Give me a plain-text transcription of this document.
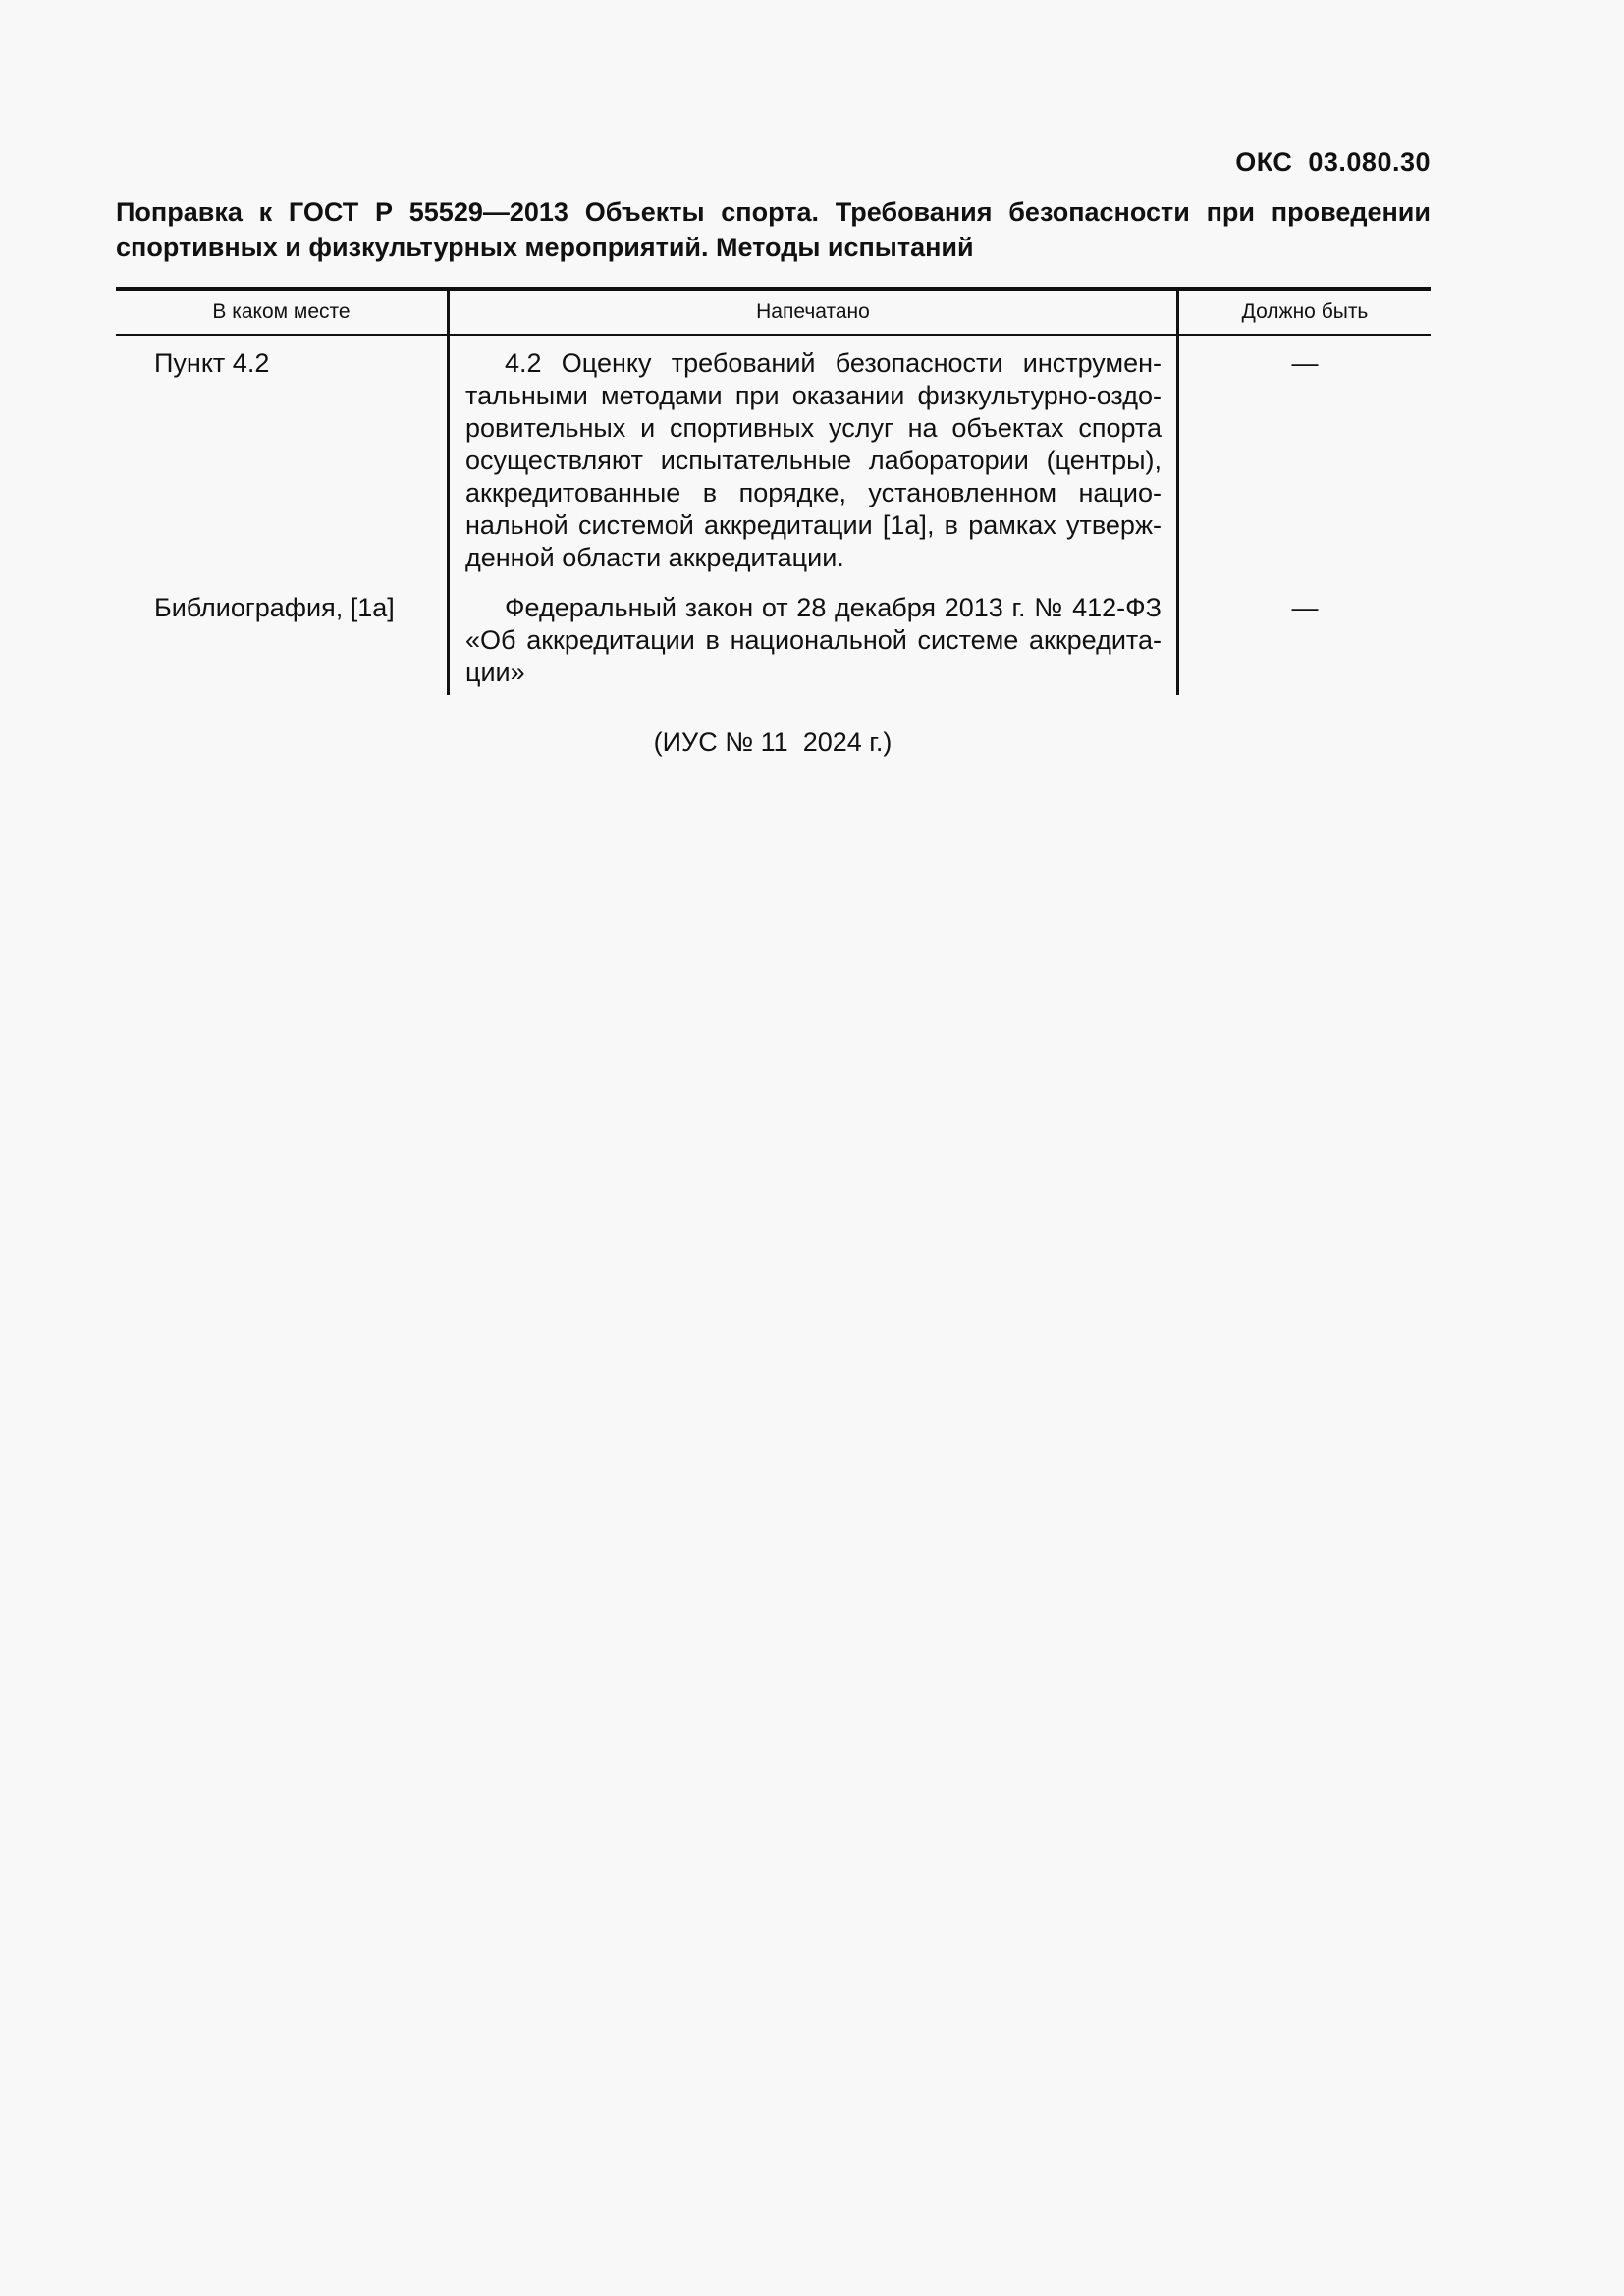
ОКС  03.080.30

Поправка к ГОСТ Р 55529—2013 Объекты спорта. Требования безопасности при проведении спортивных и физкультурных мероприятий. Методы испытаний

В каком месте	Напечатано	Должно быть
Пункт 4.2	4.2 Оценку требований безопасности инструментальными методами при оказании физкультурно-оздоровительных и спортивных услуг на объектах спорта осуществляют испытательные лаборатории (центры), аккредитованные в порядке, установленном национальной системой аккредитации [1а], в рамках утвержденной области аккредитации.	—
Библиография, [1а]	Федеральный закон от 28 декабря 2013 г. № 412-ФЗ «Об аккредитации в национальной системе аккредитации»	—

(ИУС № 11  2024 г.)
